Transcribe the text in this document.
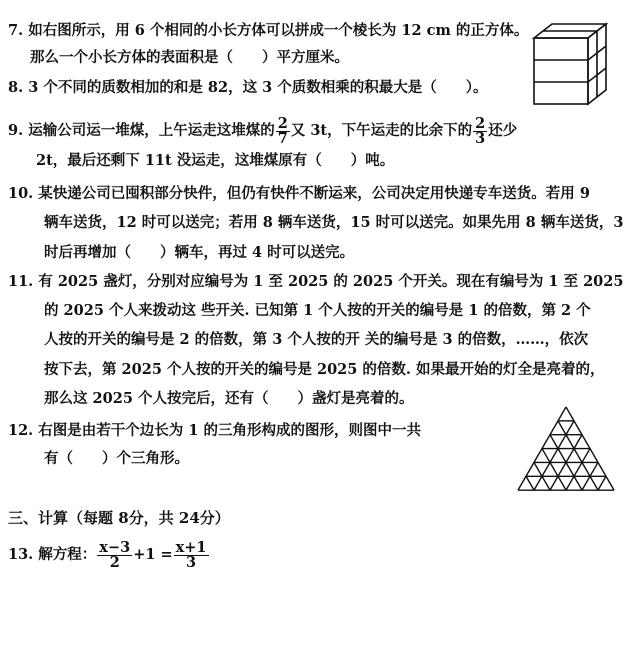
7. 如右图所示，用 6 个相同的小长方体可以拼成一个棱长为 12 cm 的正方体。
那么一个小长方体的表面积是（　　）平方厘米。
8. 3 个不同的质数相加的和是 82，这 3 个质数相乘的积最大是（　　）。
9. 运输公司运一堆煤，上午运走这堆煤的 $\frac{2}{7}$ 又 3t，下午运走的比余下的 $\frac{2}{3}$ 还少
2t，最后还剩下 11t 没运走，这堆煤原有（　　）吨。
10. 某快递公司已囤积部分快件，但仍有快件不断运来，公司决定用快递专车送货。若用 9
辆车送货，12 时可以送完；若用 8 辆车送货，15 时可以送完。如果先用 8 辆车送货，3
时后再增加（　　）辆车，再过 4 时可以送完。
11. 有 2025 盏灯，分别对应编号为 1 至 2025 的 2025 个开关。现在有编号为 1 至 2025
的 2025 个人来拨动这 些开关. 已知第 1 个人按的开关的编号是 1 的倍数，第 2 个
人按的开关的编号是 2 的倍数，第 3 个人按的开 关的编号是 3 的倍数，……，依次
按下去，第 2025 个人按的开关的编号是 2025 的倍数. 如果最开始的灯全是亮着的，
那么这 2025 个人按完后，还有（　　）盏灯是亮着的。
12. 右图是由若干个边长为 1 的三角形构成的图形，则图中一共
有（　　）个三角形。
三、计算（每题 8分，共 24分）
13. 解方程： $\frac{x-3}{2} +1 = \frac{x+1}{3}$
